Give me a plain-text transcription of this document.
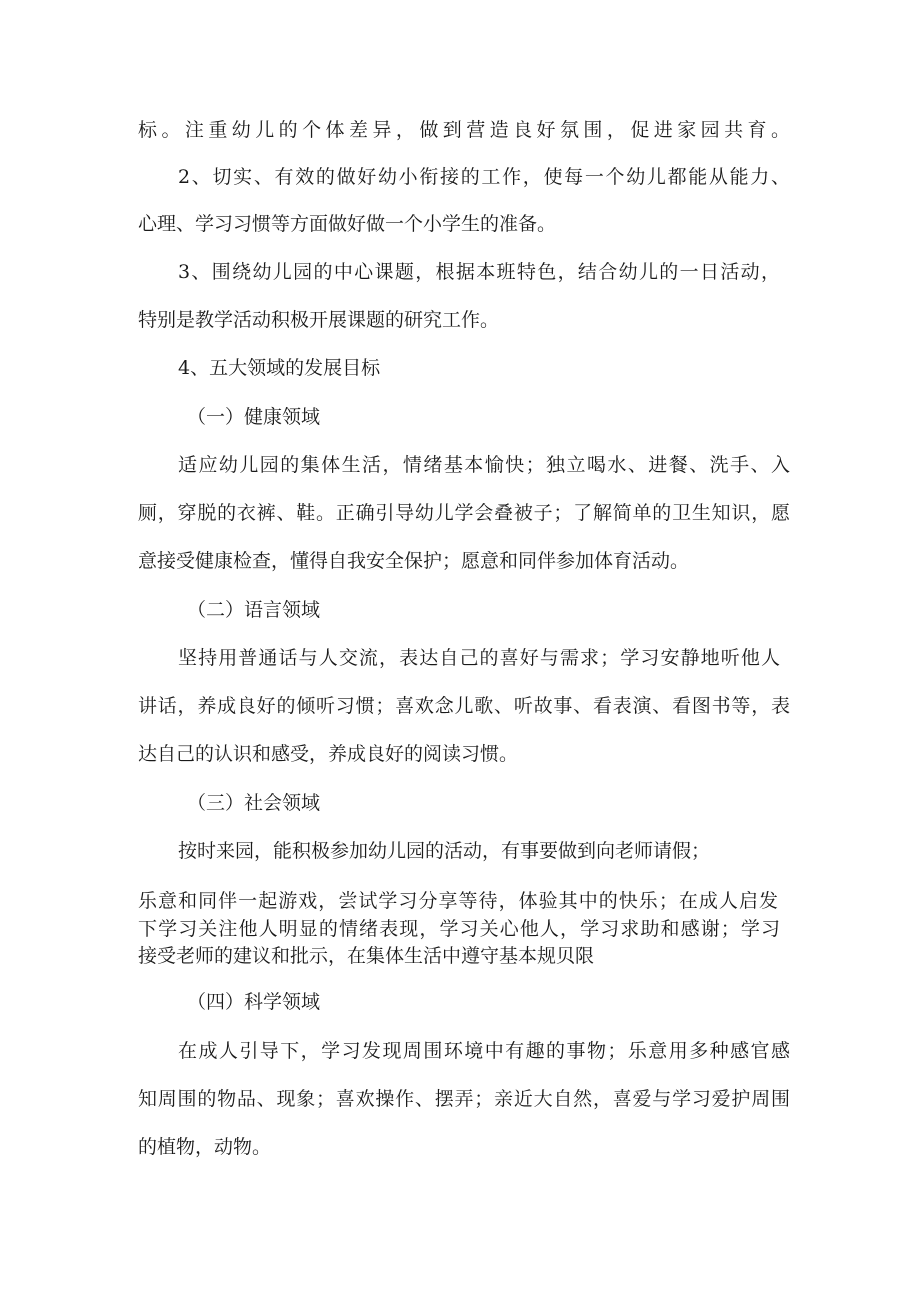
标。注重幼儿的个体差异，做到营造良好氛围，促进家园共育。
2、切实、有效的做好幼小衔接的工作，使每一个幼儿都能从能力、
心理、学习习惯等方面做好做一个小学生的准备。
3、围绕幼儿园的中心课题，根据本班特色，结合幼儿的一日活动，
特别是教学活动积极开展课题的研究工作。
4、五大领域的发展目标
（一）健康领域
适应幼儿园的集体生活，情绪基本愉快；独立喝水、进餐、洗手、入
厕，穿脱的衣裤、鞋。正确引导幼儿学会叠被子；了解简单的卫生知识，愿
意接受健康检查，懂得自我安全保护；愿意和同伴参加体育活动。
（二）语言领域
坚持用普通话与人交流，表达自己的喜好与需求；学习安静地听他人
讲话，养成良好的倾听习惯；喜欢念儿歌、听故事、看表演、看图书等，表
达自己的认识和感受，养成良好的阅读习惯。
（三）社会领域
按时来园，能积极参加幼儿园的活动，有事要做到向老师请假；
乐意和同伴一起游戏，尝试学习分享等待，体验其中的快乐；在成人启发
下学习关注他人明显的情绪表现，学习关心他人，学习求助和感谢；学习
接受老师的建议和批示，在集体生活中遵守基本规贝限
（四）科学领域
在成人引导下，学习发现周围环境中有趣的事物；乐意用多种感官感
知周围的物品、现象；喜欢操作、摆弄；亲近大自然，喜爱与学习爱护周围
的植物，动物。
